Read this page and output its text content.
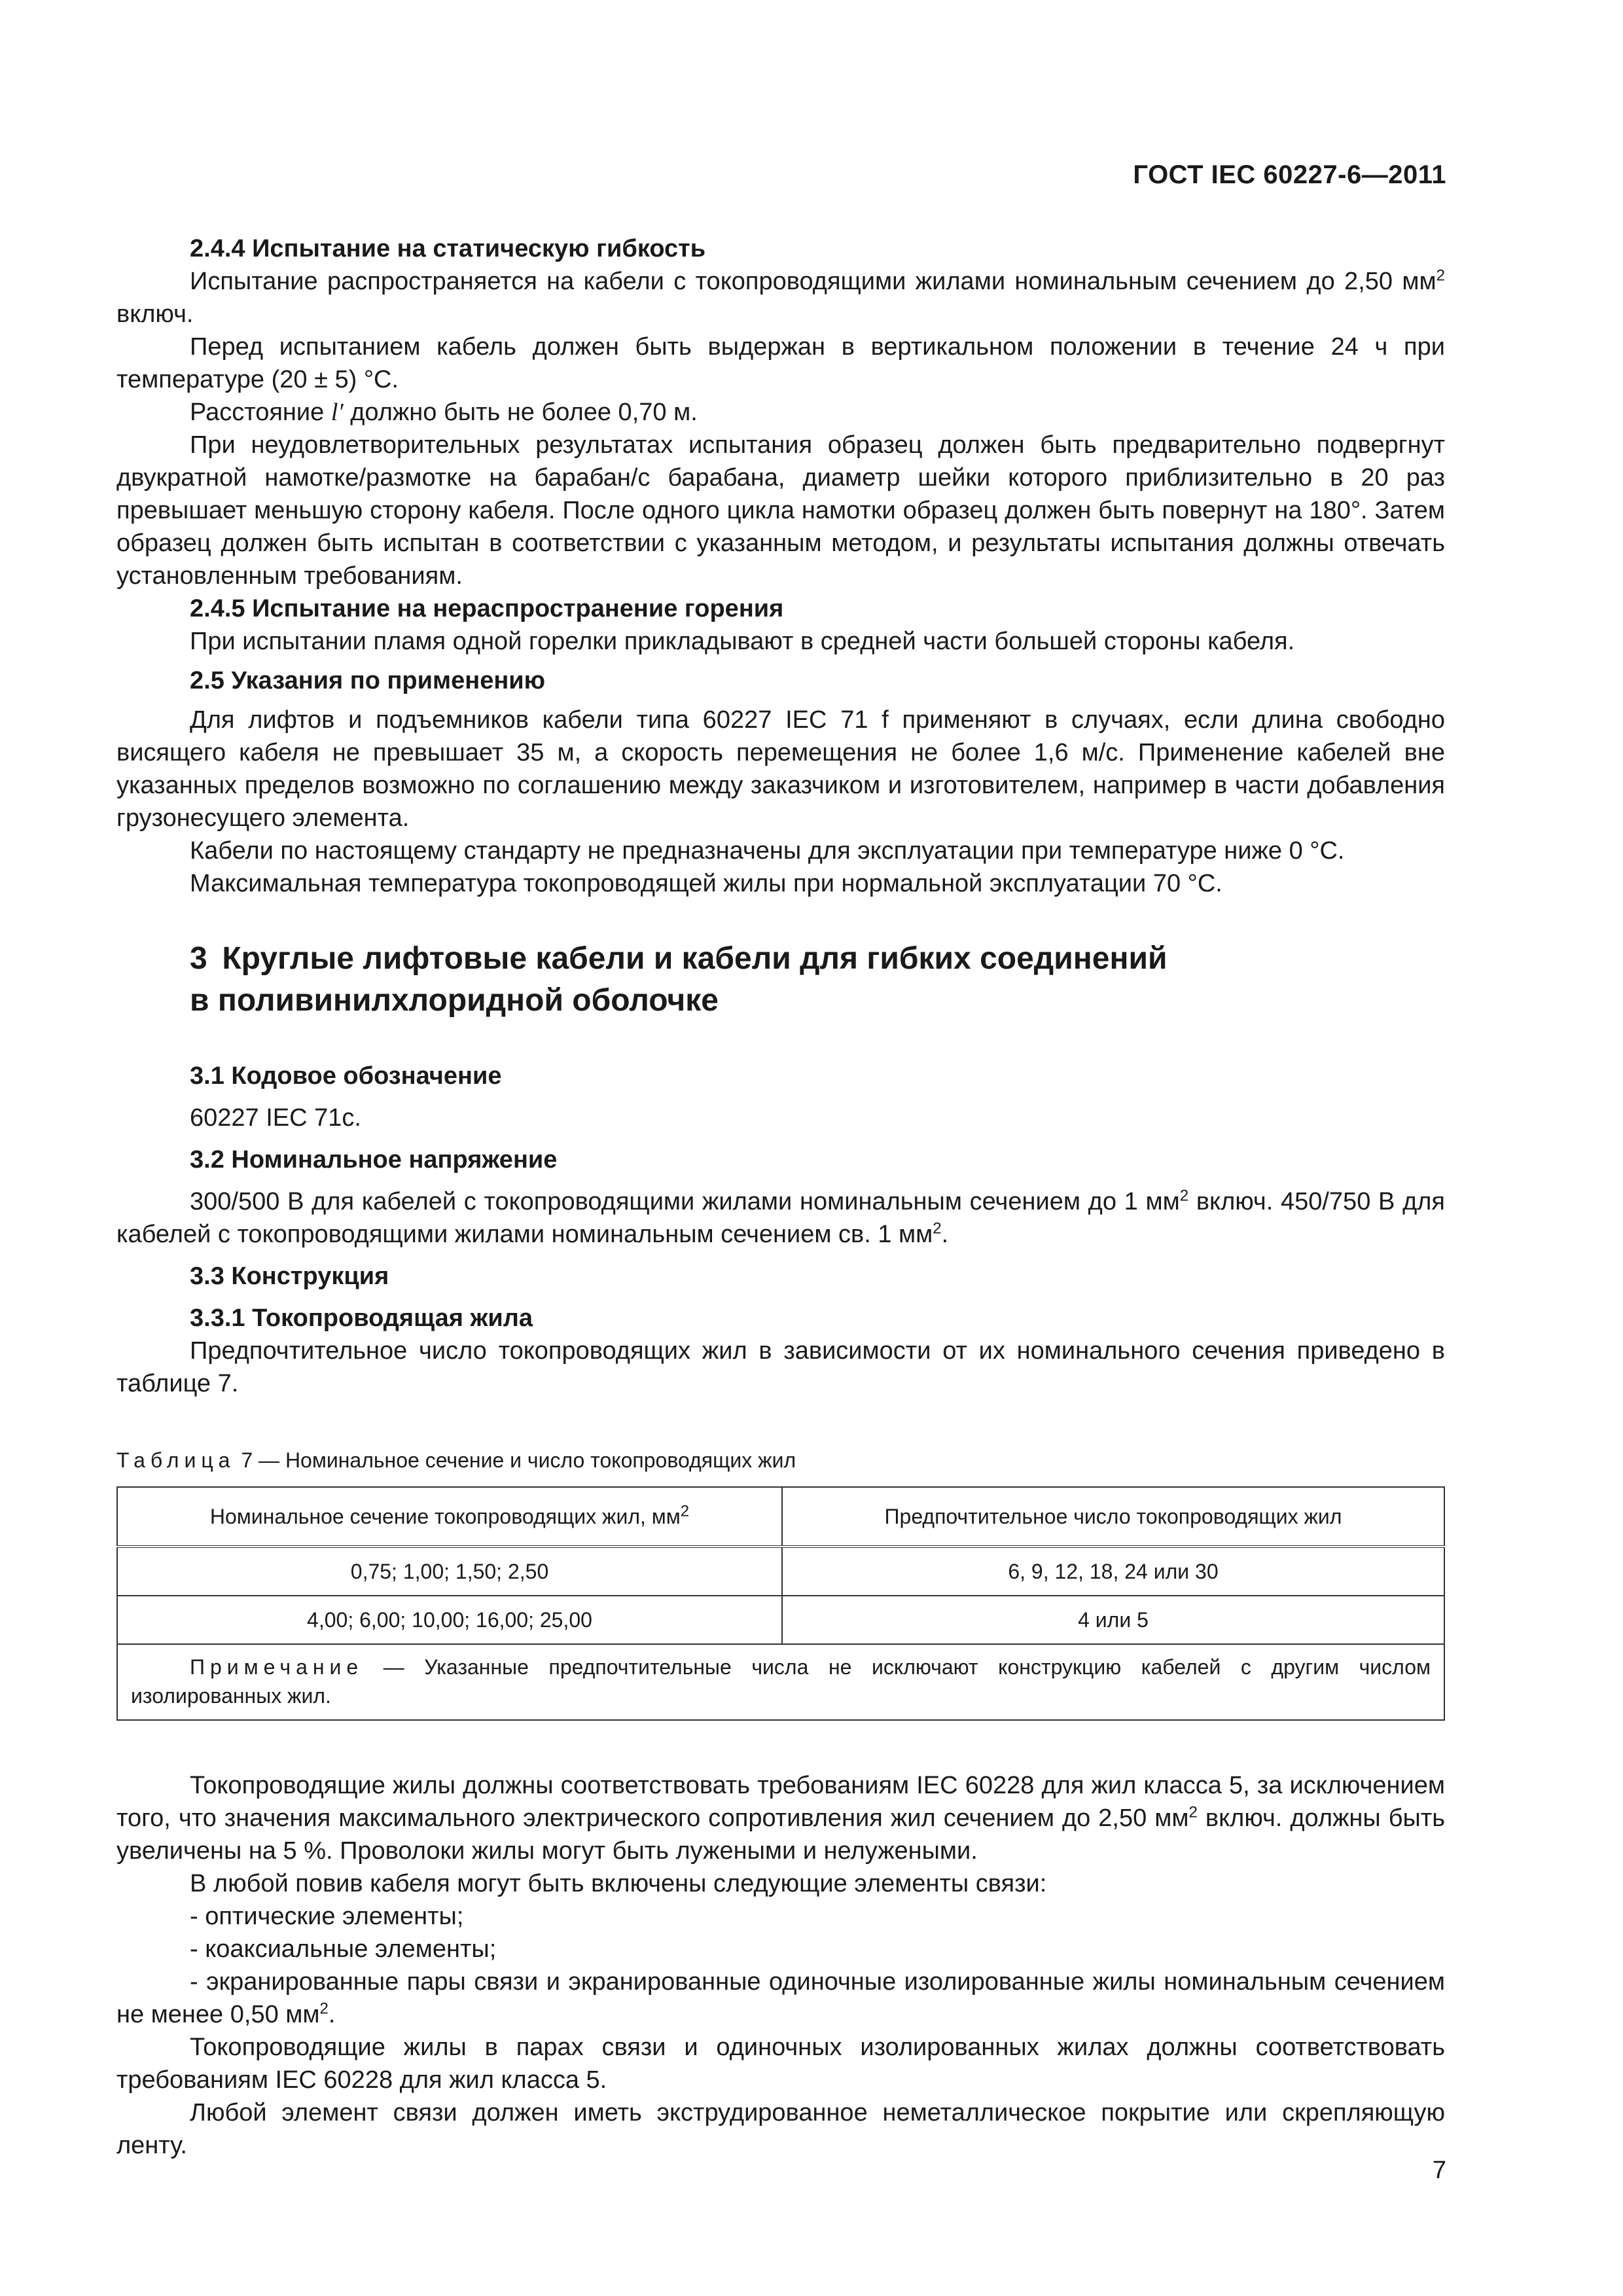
ГОСТ IEC 60227-6—2011
2.4.4 Испытание на статическую гибкость

Испытание распространяется на кабели с токопроводящими жилами номинальным сечением до 2,50 $мм^2$ включ.

Перед испытанием кабель должен быть выдержан в вертикальном положении в течение 24 ч при температуре (20 ± 5) °С.

Расстояние l′ должно быть не более 0,70 м.

При неудовлетворительных результатах испытания образец должен быть предварительно подвергнут двукратной намотке/размотке на барабан/с барабана, диаметр шейки которого приблизительно в 20 раз превышает меньшую сторону кабеля. После одного цикла намотки образец должен быть повернут на 180°. Затем образец должен быть испытан в соответствии с указанным методом, и результаты испытания должны отвечать установленным требованиям.

2.4.5 Испытание на нераспространение горения

При испытании пламя одной горелки прикладывают в средней части большей стороны кабеля.

2.5 Указания по применению

Для лифтов и подъемников кабели типа 60227 IEC 71 f применяют в случаях, если длина свободно висящего кабеля не превышает 35 м, а скорость перемещения не более 1,6 м/с. Применение кабелей вне указанных пределов возможно по соглашению между заказчиком и изготовителем, например в части добавления грузонесущего элемента.

Кабели по настоящему стандарту не предназначены для эксплуатации при температуре ниже 0 °С.

Максимальная температура токопроводящей жилы при нормальной эксплуатации 70 °С.

3 Круглые лифтовые кабели и кабели для гибких соединений
в поливинилхлоридной оболочке
3.1 Кодовое обозначение

60227 IEC 71c.

3.2 Номинальное напряжение

300/500 В для кабелей с токопроводящими жилами номинальным сечением до 1 $мм^2$ включ. 450/750 В для кабелей с токопроводящими жилами номинальным сечением св. 1 $мм^2$.

3.3 Конструкция
3.3.1 Токопроводящая жила

Предпочтительное число токопроводящих жил в зависимости от их номинального сечения приведено в таблице 7.

Таблица 7 — Номинальное сечение и число токопроводящих жил

Номинальное сечение токопроводящих жил, $мм^2$	Предпочтительное число токопроводящих жил
0,75; 1,00; 1,50; 2,50	6, 9, 12, 18, 24 или 30
4,00; 6,00; 10,00; 16,00; 25,00	4 или 5
Примечание — Указанные предпочтительные числа не исключают конструкцию кабелей с другим числом изолированных жил.	

Токопроводящие жилы должны соответствовать требованиям IEC 60228 для жил класса 5, за исключением того, что значения максимального электрического сопротивления жил сечением до 2,50 $мм^2$ включ. должны быть увеличены на 5 %. Проволоки жилы могут быть лужеными и нелужеными.

В любой повив кабеля могут быть включены следующие элементы связи:

- оптические элементы;

- коаксиальные элементы;

- экранированные пары связи и экранированные одиночные изолированные жилы номинальным сечением не менее 0,50 $мм^2$.

Токопроводящие жилы в парах связи и одиночных изолированных жилах должны соответствовать требованиям IEC 60228 для жил класса 5.

Любой элемент связи должен иметь экструдированное неметаллическое покрытие или скрепляющую ленту.

7
